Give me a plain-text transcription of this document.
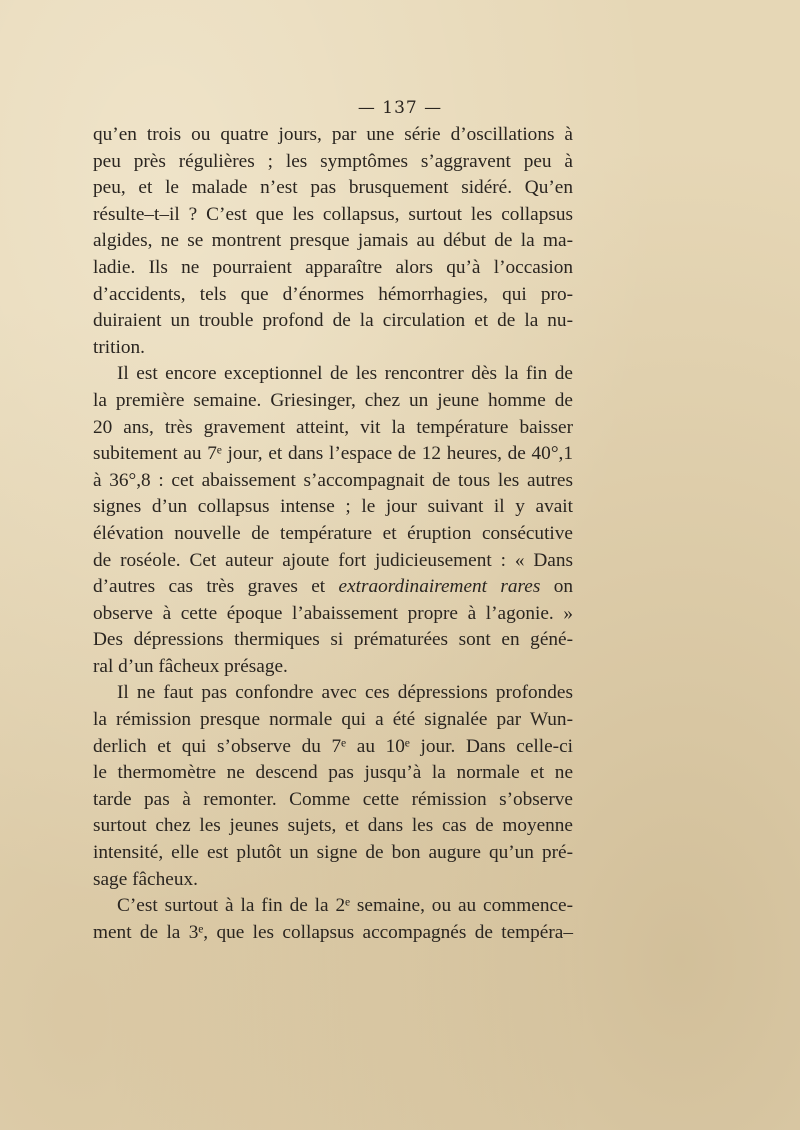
— 137 —
qu’en trois ou quatre jours, par une série d’oscillations à
peu près régulières ; les symptômes s’aggravent peu à
peu, et le malade n’est pas brusquement sidéré. Qu’en
résulte–t–il ? C’est que les collapsus, surtout les collapsus
algides, ne se montrent presque jamais au début de la ma-
ladie. Ils ne pourraient apparaître alors qu’à l’occasion
d’accidents, tels que d’énormes hémorrhagies, qui pro-
duiraient un trouble profond de la circulation et de la nu-
trition.
Il est encore exceptionnel de les rencontrer dès la fin de
la première semaine. Griesinger, chez un jeune homme de
20 ans, très gravement atteint, vit la température baisser
subitement au 7ᵉ jour, et dans l’espace de 12 heures, de 40°,1
à 36°,8 : cet abaissement s’accompagnait de tous les autres
signes d’un collapsus intense ; le jour suivant il y avait
élévation nouvelle de température et éruption consécutive
de roséole. Cet auteur ajoute fort judicieusement : « Dans
d’autres cas très graves et extraordinairement rares on
observe à cette époque l’abaissement propre à l’agonie. »
Des dépressions thermiques si prématurées sont en géné-
ral d’un fâcheux présage.
Il ne faut pas confondre avec ces dépressions profondes
la rémission presque normale qui a été signalée par Wun-
derlich et qui s’observe du 7ᵉ au 10ᵉ jour. Dans celle-ci
le thermomètre ne descend pas jusqu’à la normale et ne
tarde pas à remonter. Comme cette rémission s’observe
surtout chez les jeunes sujets, et dans les cas de moyenne
intensité, elle est plutôt un signe de bon augure qu’un pré-
sage fâcheux.
C’est surtout à la fin de la 2ᵉ semaine, ou au commence-
ment de la 3ᵉ, que les collapsus accompagnés de tempéra–
